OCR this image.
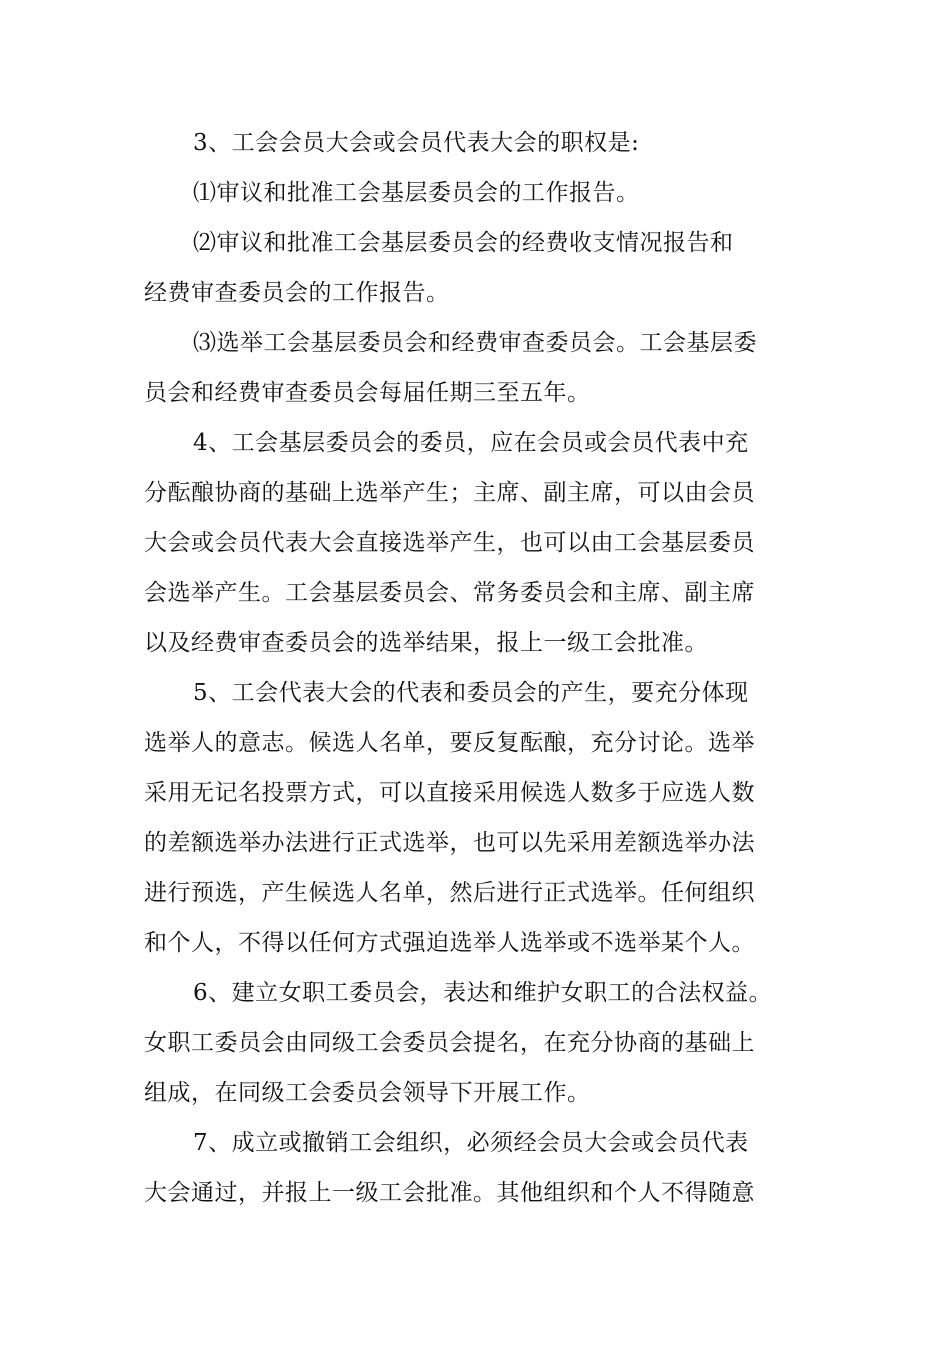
3、工会会员大会或会员代表大会的职权是:
⑴审议和批准工会基层委员会的工作报告。
⑵审议和批准工会基层委员会的经费收支情况报告和
经费审查委员会的工作报告。
⑶选举工会基层委员会和经费审查委员会。工会基层委
员会和经费审查委员会每届任期三至五年。
4、工会基层委员会的委员，应在会员或会员代表中充
分酝酿协商的基础上选举产生；主席、副主席，可以由会员
大会或会员代表大会直接选举产生，也可以由工会基层委员
会选举产生。工会基层委员会、常务委员会和主席、副主席
以及经费审查委员会的选举结果，报上一级工会批准。
5、工会代表大会的代表和委员会的产生，要充分体现
选举人的意志。候选人名单，要反复酝酿，充分讨论。选举
采用无记名投票方式，可以直接采用候选人数多于应选人数
的差额选举办法进行正式选举，也可以先采用差额选举办法
进行预选，产生候选人名单，然后进行正式选举。任何组织
和个人，不得以任何方式强迫选举人选举或不选举某个人。
6、建立女职工委员会，表达和维护女职工的合法权益。
女职工委员会由同级工会委员会提名，在充分协商的基础上
组成，在同级工会委员会领导下开展工作。
7、成立或撤销工会组织，必须经会员大会或会员代表
大会通过，并报上一级工会批准。其他组织和个人不得随意
